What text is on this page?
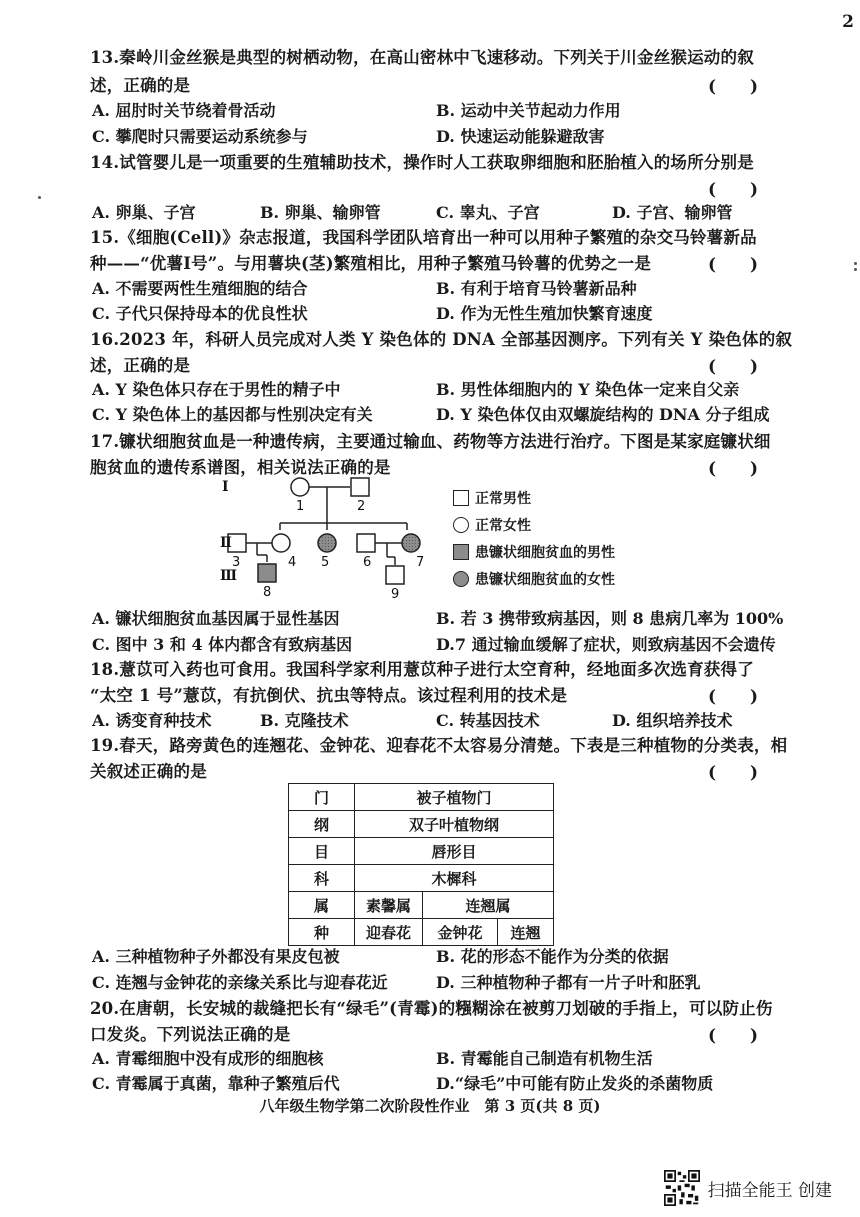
2
13.秦岭川金丝猴是典型的树栖动物，在高山密林中飞速移动。下列关于川金丝猴运动的叙
述，正确的是	(　　)
A. 屈肘时关节绕着骨活动	B. 运动中关节起动力作用
C. 攀爬时只需要运动系统参与	D. 快速运动能躲避敌害
14.试管婴儿是一项重要的生殖辅助技术，操作时人工获取卵细胞和胚胎植入的场所分别是
(　　)
A. 卵巢、子宫	B. 卵巢、输卵管	C. 睾丸、子宫	D. 子宫、输卵管
15.《细胞(Cell)》杂志报道，我国科学团队培育出一种可以用种子繁殖的杂交马铃薯新品
种——“优薯Ⅰ号”。与用薯块(茎)繁殖相比，用种子繁殖马铃薯的优势之一是	(　　)
A. 不需要两性生殖细胞的结合	B. 有利于培育马铃薯新品种
C. 子代只保持母本的优良性状	D. 作为无性生殖加快繁育速度
16.2023 年，科研人员完成对人类 Y 染色体的 DNA 全部基因测序。下列有关 Y 染色体的叙
述，正确的是	(　　)
A. Y 染色体只存在于男性的精子中	B. 男性体细胞内的 Y 染色体一定来自父亲
C. Y 染色体上的基因都与性别决定有关	D. Y 染色体仅由双螺旋结构的 DNA 分子组成
17.镰状细胞贫血是一种遗传病，主要通过输血、药物等方法进行治疗。下图是某家庭镰状细
胞贫血的遗传系谱图，相关说法正确的是	(　　)
Ⅰ
Ⅱ
Ⅲ
1	2
3	4 5	6	7
8	9
正常男性
正常女性
患镰状细胞贫血的男性
患镰状细胞贫血的女性
A. 镰状细胞贫血基因属于显性基因	B. 若 3 携带致病基因，则 8 患病几率为 100%
C. 图中 3 和 4 体内都含有致病基因	D.7 通过输血缓解了症状，则致病基因不会遗传
18.薏苡可入药也可食用。我国科学家利用薏苡种子进行太空育种，经地面多次选育获得了
“太空 1 号”薏苡，有抗倒伏、抗虫等特点。该过程利用的技术是	(　　)
A. 诱变育种技术	B. 克隆技术	C. 转基因技术	D. 组织培养技术
19.春天，路旁黄色的连翘花、金钟花、迎春花不太容易分清楚。下表是三种植物的分类表，相
关叙述正确的是	(　　)
门	被子植物门		
纲	双子叶植物纲		
目	唇形目		
科	木樨科		
属	素馨属	连翘属	
种	迎春花	金钟花	连翘
A. 三种植物种子外都没有果皮包被	B. 花的形态不能作为分类的依据
C. 连翘与金钟花的亲缘关系比与迎春花近	D. 三种植物种子都有一片子叶和胚乳
20.在唐朝，长安城的裁缝把长有“绿毛”(青霉)的糨糊涂在被剪刀划破的手指上，可以防止伤
口发炎。下列说法正确的是	(　　)
A. 青霉细胞中没有成形的细胞核	B. 青霉能自己制造有机物生活
C. 青霉属于真菌，靠种子繁殖后代	D.“绿毛”中可能有防止发炎的杀菌物质
八年级生物学第二次阶段性作业　第 3 页(共 8 页)
扫描全能王 创建
